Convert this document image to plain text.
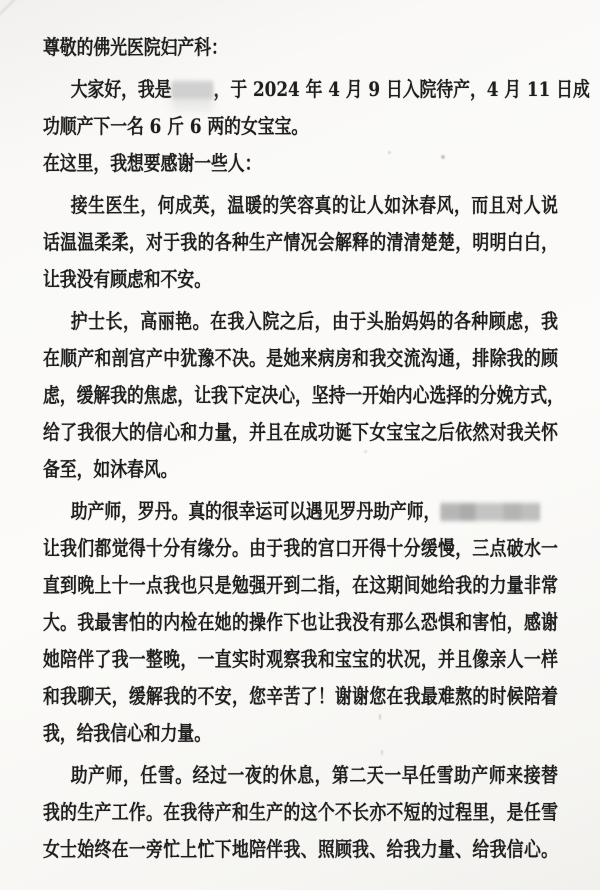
尊敬的佛光医院妇产科：
大家好，我是 ，于 2024 年 4 月 9 日入院待产，4 月 11 日成
功顺产下一名 6 斤 6 两的女宝宝。
在这里，我想要感谢一些人：
接生医生，何成英，温暖的笑容真的让人如沐春风，而且对人说
话温温柔柔，对于我的各种生产情况会解释的清清楚楚，明明白白，
让我没有顾虑和不安。
护士长，高丽艳。在我入院之后，由于头胎妈妈的各种顾虑，我
在顺产和剖宫产中犹豫不决。是她来病房和我交流沟通，排除我的顾
虑，缓解我的焦虑，让我下定决心，坚持一开始内心选择的分娩方式，
给了我很大的信心和力量，并且在成功诞下女宝宝之后依然对我关怀
备至，如沐春风。
助产师，罗丹。真的很幸运可以遇见罗丹助产师，
让我们都觉得十分有缘分。由于我的宫口开得十分缓慢，三点破水一
直到晚上十一点我也只是勉强开到二指，在这期间她给我的力量非常
大。我最害怕的内检在她的操作下也让我没有那么恐惧和害怕，感谢
她陪伴了我一整晚，一直实时观察我和宝宝的状况，并且像亲人一样
和我聊天，缓解我的不安，您辛苦了！谢谢您在我最难熬的时候陪着
我，给我信心和力量。
助产师，任雪。经过一夜的休息，第二天一早任雪助产师来接替
我的生产工作。在我待产和生产的这个不长亦不短的过程里，是任雪
女士始终在一旁忙上忙下地陪伴我、照顾我、给我力量、给我信心。
